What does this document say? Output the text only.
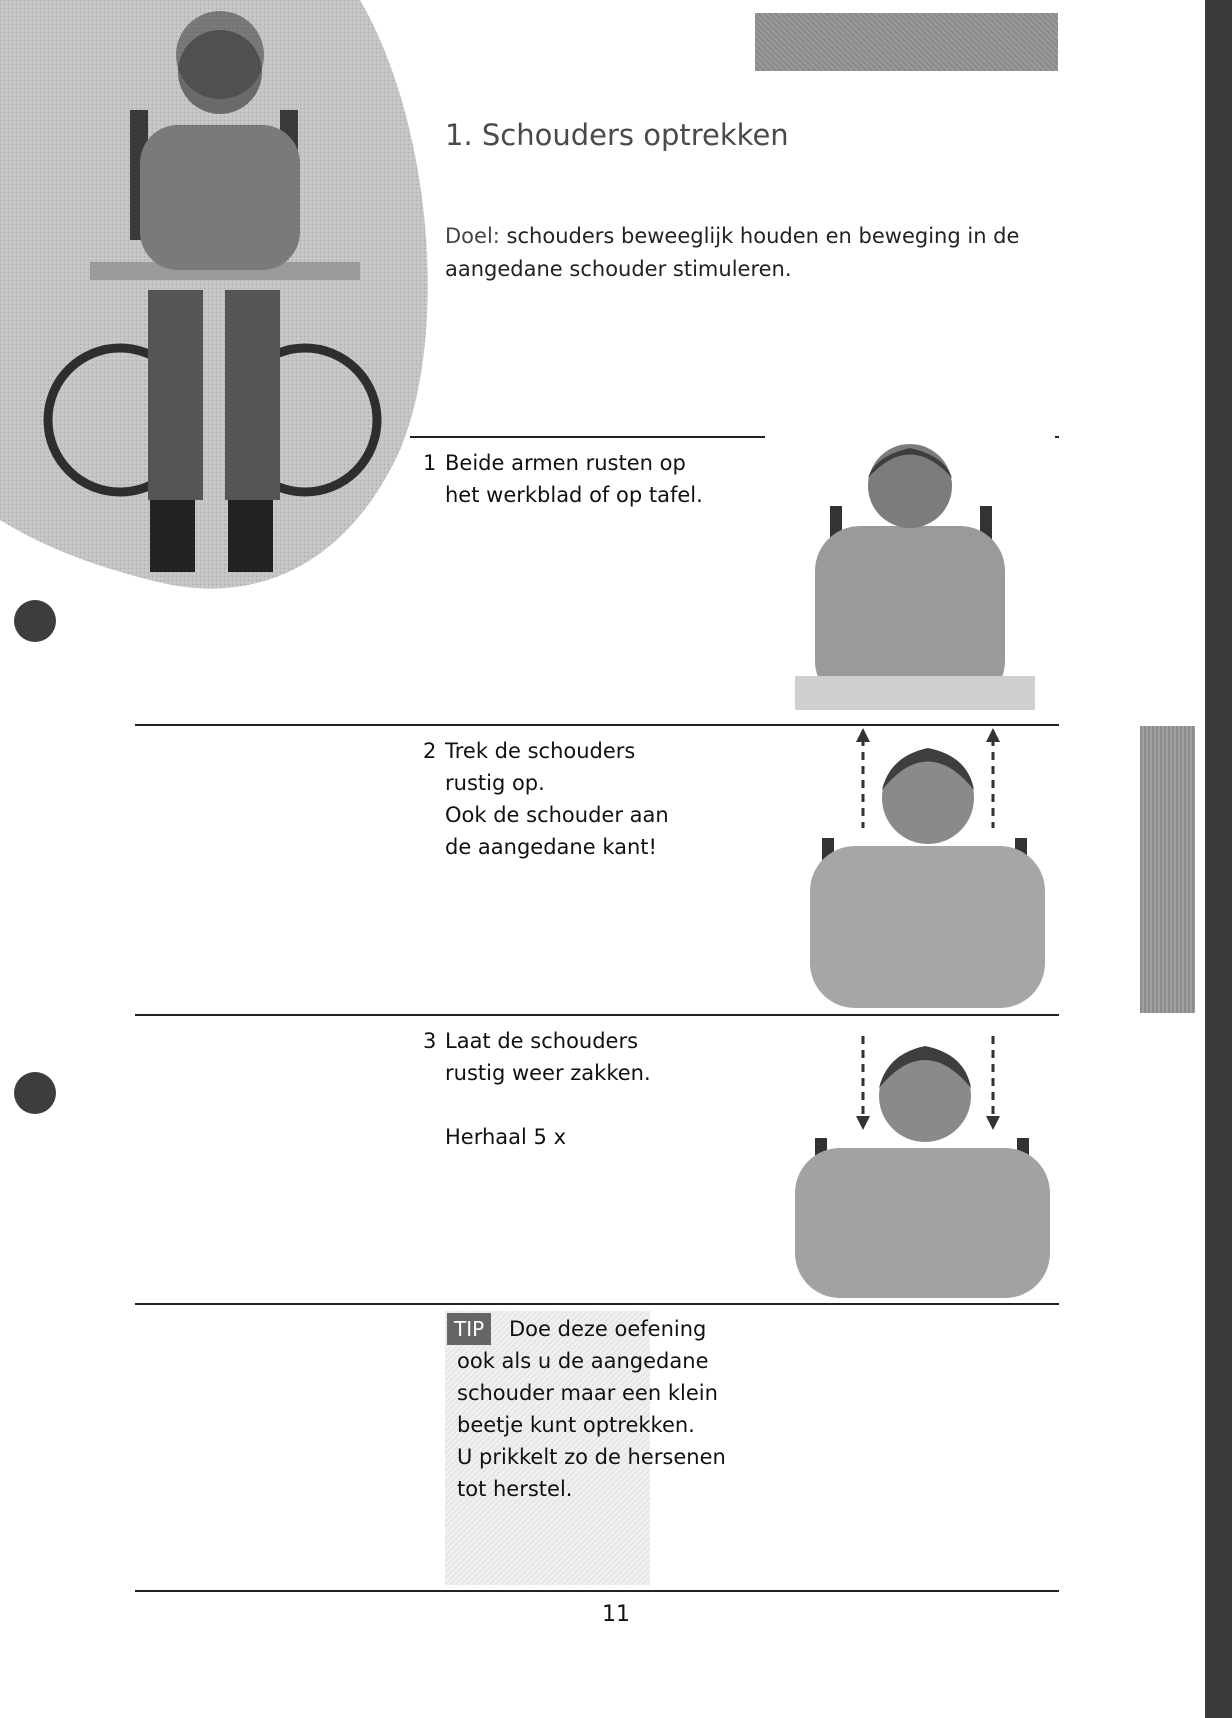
1. Schouders optrekken
Doel: schouders beweeglijk houden en beweging in de aangedane schouder stimuleren.
1 Beide armen rusten op
het werkblad of op tafel.
2 Trek de schouders
rustig op.
Ook de schouder aan
de aangedane kant!
3 Laat de schouders
rustig weer zakken.
Herhaal 5 x
TIP	Doe deze oefening
ook als u de aangedane
schouder maar een klein
beetje kunt optrekken.
U prikkelt zo de hersenen
tot herstel.
11
